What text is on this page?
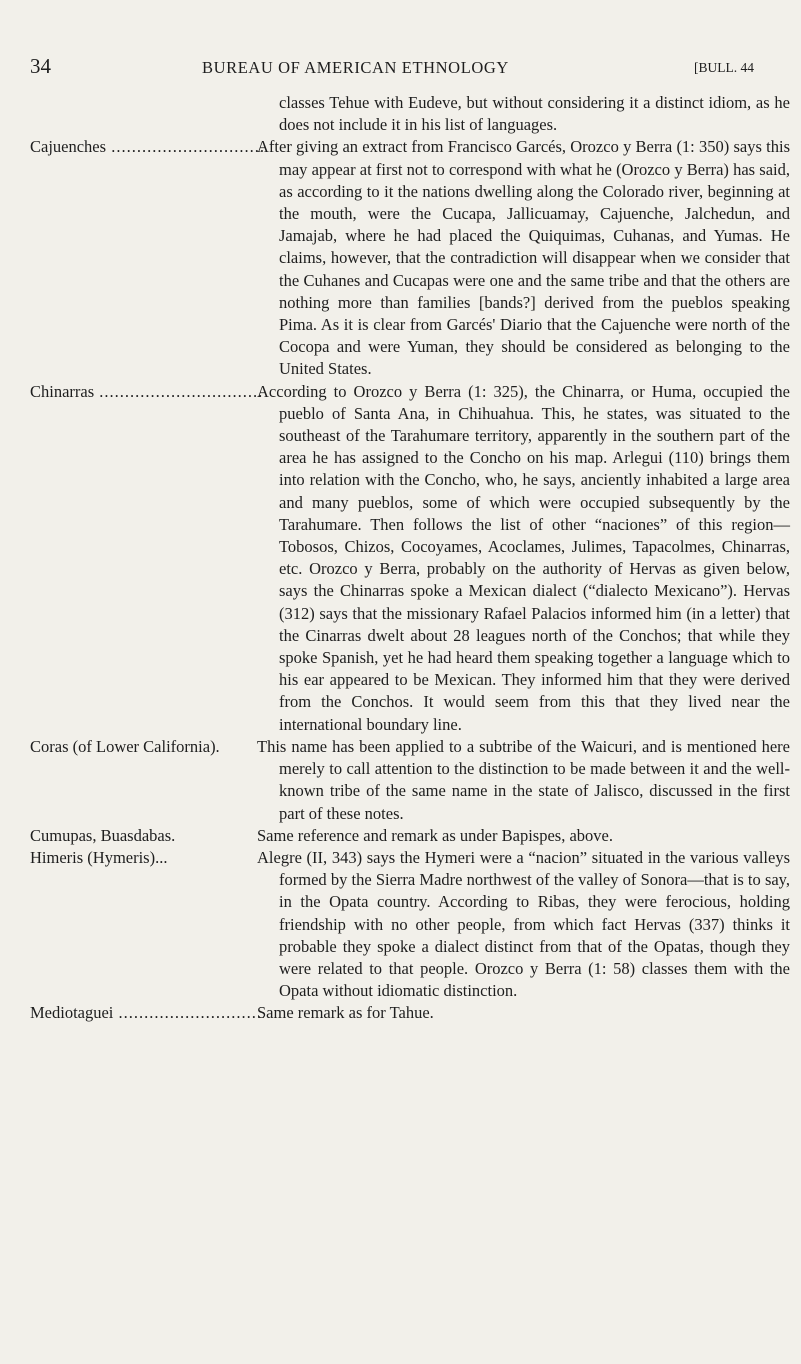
34	BUREAU OF AMERICAN ETHNOLOGY	[BULL. 44

classes Tehue with Eudeve, but without considering it a distinct idiom, as he does not include it in his list of languages.

Cajuenches .....	After giving an extract from Francisco Garcés, Orozco y Berra (1: 350) says this may appear at first not to correspond with what he (Orozco y Berra) has said, as according to it the nations dwelling along the Colorado river, beginning at the mouth, were the Cucapa, Jallicuamay, Cajuenche, Jalchedun, and Jamajab, where he had placed the Quiquimas, Cuhanas, and Yumas. He claims, however, that the contradiction will disappear when we consider that the Cuhanes and Cucapas were one and the same tribe and that the others are nothing more than families [bands?] derived from the pueblos speaking Pima. As it is clear from Garcés' Diario that the Cajuenche were north of the Cocopa and were Yuman, they should be considered as belonging to the United States.

Chinarras .....	According to Orozco y Berra (1: 325), the Chinarra, or Huma, occupied the pueblo of Santa Ana, in Chihuahua. This, he states, was situated to the southeast of the Tarahumare territory, apparently in the southern part of the area he has assigned to the Concho on his map. Arlegui (110) brings them into relation with the Concho, who, he says, anciently inhabited a large area and many pueblos, some of which were occupied subsequently by the Tarahumare. Then follows the list of other “naciones” of this region—Tobosos, Chizos, Cocoyames, Acoclames, Julimes, Tapacolmes, Chinarras, etc. Orozco y Berra, probably on the authority of Hervas as given below, says the Chinarras spoke a Mexican dialect (“dialecto Mexicano”). Hervas (312) says that the missionary Rafael Palacios informed him (in a letter) that the Cinarras dwelt about 28 leagues north of the Conchos; that while they spoke Spanish, yet he had heard them speaking together a language which to his ear appeared to be Mexican. They informed him that they were derived from the Conchos. It would seem from this that they lived near the international boundary line.

Coras (of Lower California).	This name has been applied to a subtribe of the Waicuri, and is mentioned here merely to call attention to the distinction to be made between it and the well-known tribe of the same name in the state of Jalisco, discussed in the first part of these notes.

Cumupas, Buasdabas.	Same reference and remark as under Bapispes, above.

Himeris (Hymeris)...	Alegre (II, 343) says the Hymeri were a “nacion” situated in the various valleys formed by the Sierra Madre northwest of the valley of Sonora—that is to say, in the Opata country. According to Ribas, they were ferocious, holding friendship with no other people, from which fact Hervas (337) thinks it probable they spoke a dialect distinct from that of the Opatas, though they were related to that people. Orozco y Berra (1: 58) classes them with the Opata without idiomatic distinction.

Mediotaguei .....	Same remark as for Tahue.
